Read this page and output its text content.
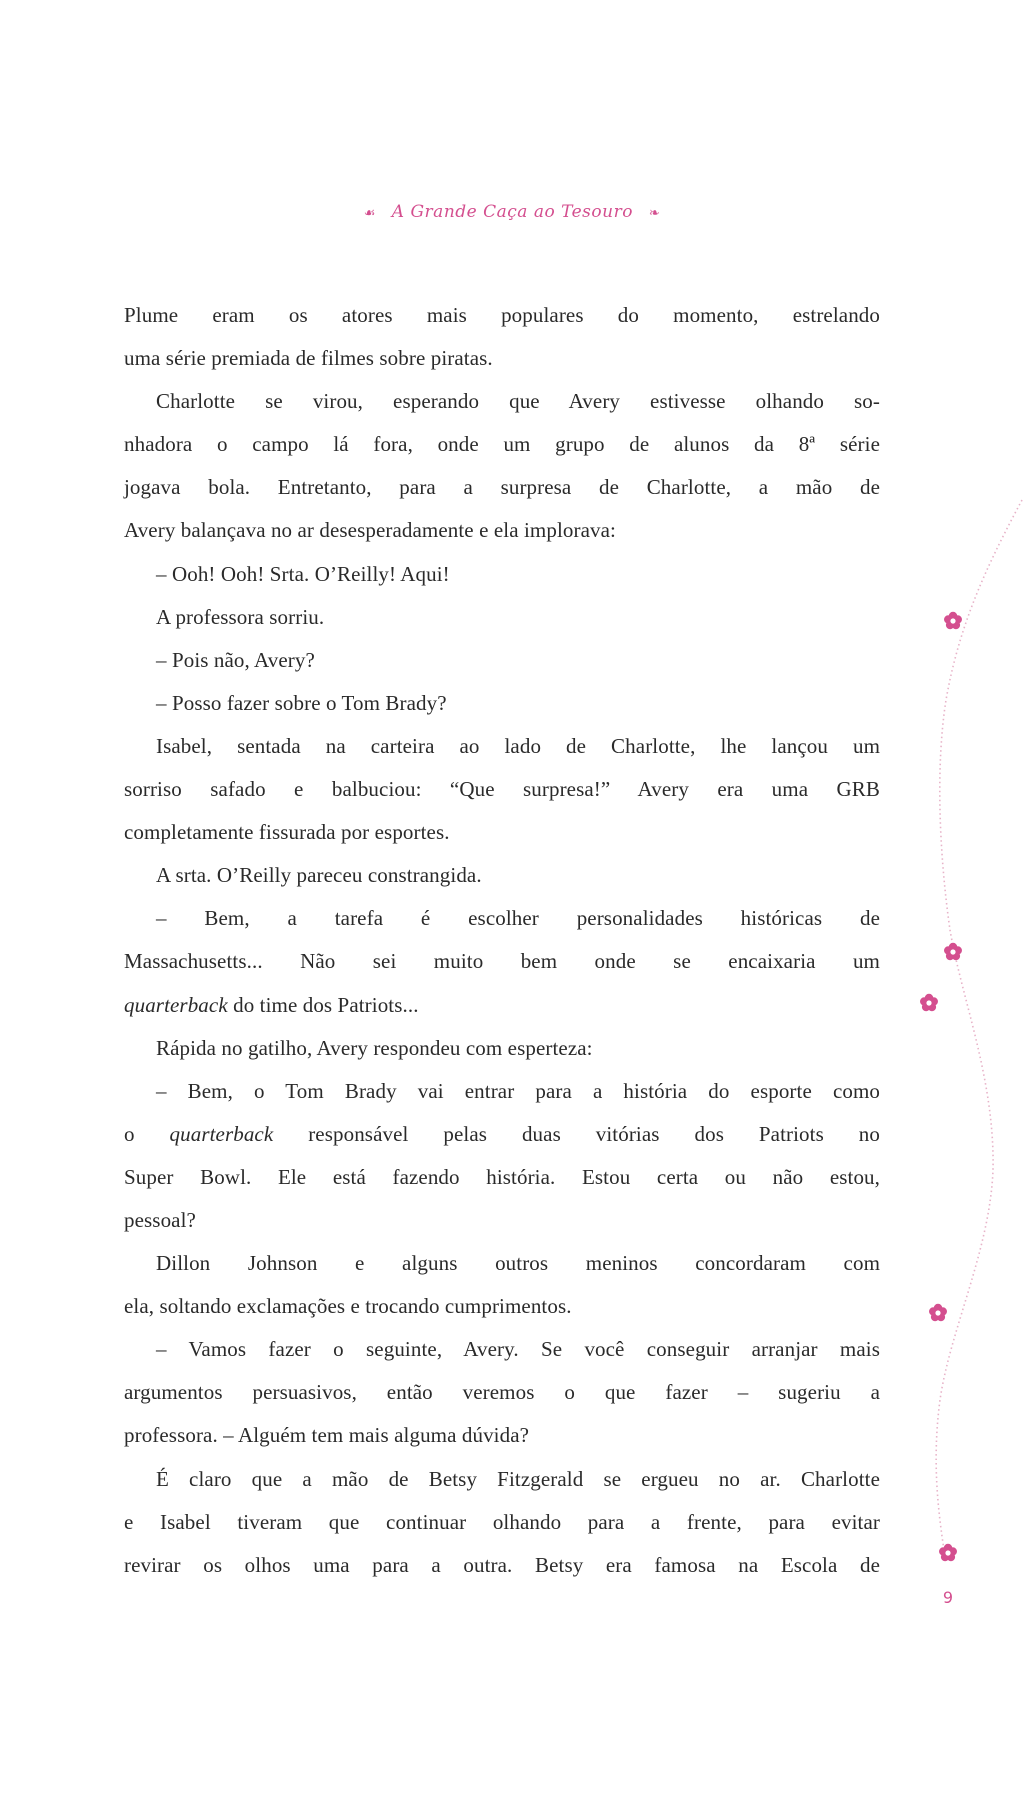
☙ A Grande Caça ao Tesouro ❧
Plume eram os atores mais populares do momento, estrelando
uma série premiada de filmes sobre piratas.
Charlotte se virou, esperando que Avery estivesse olhando so-
nhadora o campo lá fora, onde um grupo de alunos da 8ª série
jogava bola. Entretanto, para a surpresa de Charlotte, a mão de
Avery balançava no ar desesperadamente e ela implorava:
– Ooh! Ooh! Srta. O’Reilly! Aqui!
A professora sorriu.
– Pois não, Avery?
– Posso fazer sobre o Tom Brady?
Isabel, sentada na carteira ao lado de Charlotte, lhe lançou um
sorriso safado e balbuciou: “Que surpresa!” Avery era uma GRB
completamente fissurada por esportes.
A srta. O’Reilly pareceu constrangida.
– Bem, a tarefa é escolher personalidades históricas de
Massachusetts... Não sei muito bem onde se encaixaria um
quarterback do time dos Patriots...
Rápida no gatilho, Avery respondeu com esperteza:
– Bem, o Tom Brady vai entrar para a história do esporte como
o quarterback responsável pelas duas vitórias dos Patriots no
Super Bowl. Ele está fazendo história. Estou certa ou não estou,
pessoal?
Dillon Johnson e alguns outros meninos concordaram com
ela, soltando exclamações e trocando cumprimentos.
– Vamos fazer o seguinte, Avery. Se você conseguir arranjar mais
argumentos persuasivos, então veremos o que fazer – sugeriu a
professora. – Alguém tem mais alguma dúvida?
É claro que a mão de Betsy Fitzgerald se ergueu no ar. Charlotte
e Isabel tiveram que continuar olhando para a frente, para evitar
revirar os olhos uma para a outra. Betsy era famosa na Escola de
9
